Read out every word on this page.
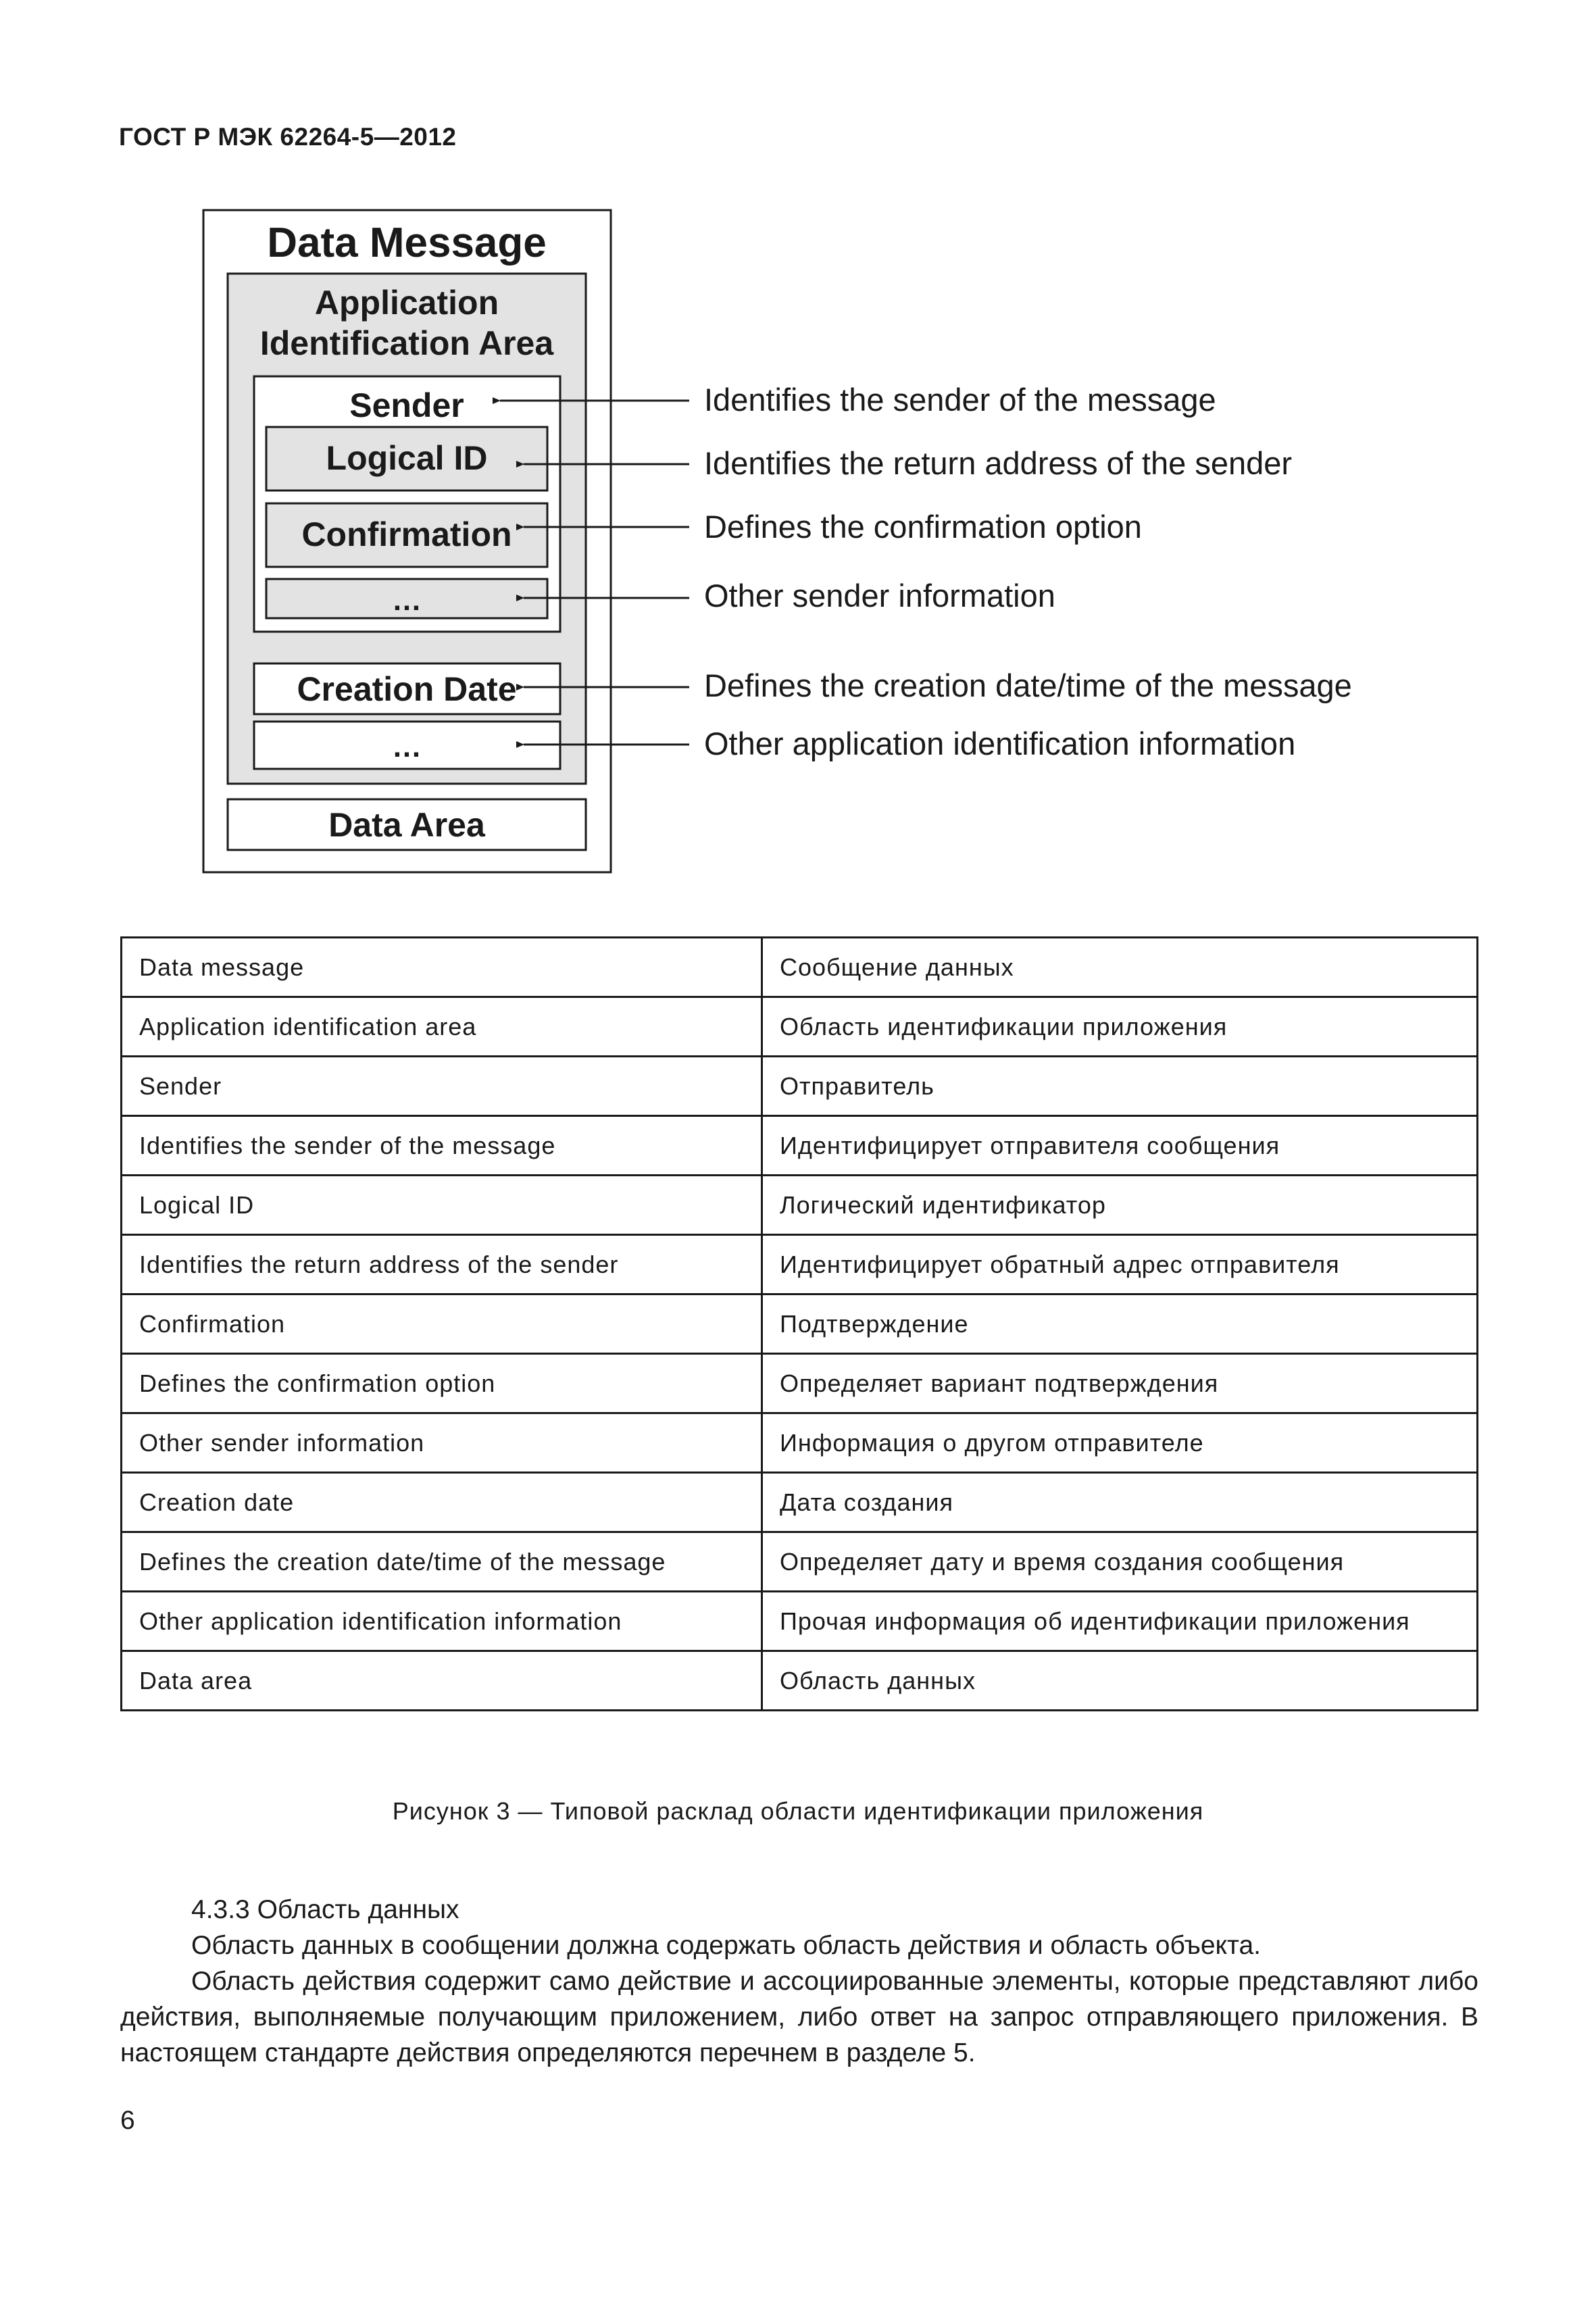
ГОСТ Р МЭК 62264-5—2012
Data Message
Application
Identification Area
Sender
Logical ID
Confirmation
…
Creation Date
…
Data Area
Identifies the sender of the message
Identifies the return address of the sender
Defines the confirmation option
Other sender information
Defines the creation date/time of the message
Other application identification information
Data message	Сообщение данных
Application identification area	Область идентификации приложения
Sender	Отправитель
Identifies the sender of the message	Идентифицирует отправителя сообщения
Logical ID	Логический идентификатор
Identifies the return address of the sender	Идентифицирует обратный адрес отправителя
Confirmation	Подтверждение
Defines the confirmation option	Определяет вариант подтверждения
Other sender information	Информация о другом отправителе
Creation date	Дата создания
Defines the creation date/time of the message	Определяет дату и время создания сообщения
Other application identification information	Прочая информация об идентификации приложения
Data area	Область данных
Рисунок 3 — Типовой расклад области идентификации приложения

4.3.3 Область данных

Область данных в сообщении должна содержать область действия и область объекта.

Область действия содержит само действие и ассоциированные элементы, которые представляют либо действия, выполняемые получающим приложением, либо ответ на запрос отправляющего приложения. В настоящем стандарте действия определяются перечнем в разделе 5.

6
